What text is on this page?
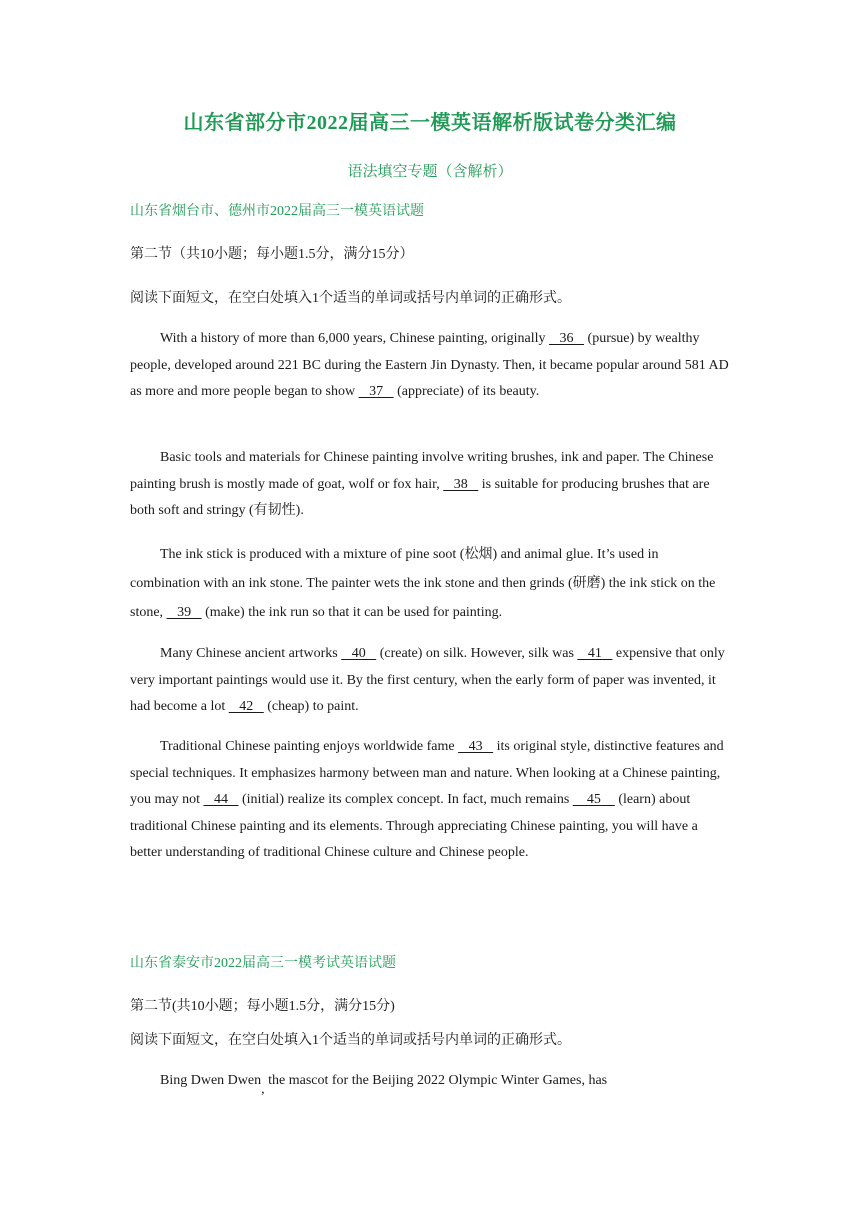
山东省部分市2022届高三一模英语解析版试卷分类汇编
语法填空专题（含解析）
山东省烟台市、德州市2022届高三一模英语试题
第二节（共10小题；每小题1.5分，满分15分）
阅读下面短文，在空白处填入1个适当的单词或括号内单词的正确形式。

With a history of more than 6,000 years, Chinese painting, originally    36    (pursue) by wealthy people, developed around 221 BC during the Eastern Jin Dynasty. Then, it became popular around 581 AD as more and more people began to show    37    (appreciate) of its beauty.

Basic tools and materials for Chinese painting involve writing brushes, ink and paper. The Chinese painting brush is mostly made of goat, wolf or fox hair,    38    is suitable for producing brushes that are both soft and stringy (有韧性).

The ink stick is produced with a mixture of pine soot (松烟) and animal glue. It’s used in combination with an ink stone. The painter wets the ink stone and then grinds (研磨) the ink stick on the stone,    39    (make) the ink run so that it can be used for painting.

Many Chinese ancient artworks    40    (create) on silk. However, silk was    41    expensive that only very important paintings would use it. By the first century, when the early form of paper was invented, it had become a lot    42    (cheap) to paint.

Traditional Chinese painting enjoys worldwide fame    43    its original style, distinctive features and special techniques. It emphasizes harmony between man and nature. When looking at a Chinese painting, you may not    44    (initial) realize its complex concept. In fact, much remains     45     (learn) about traditional Chinese painting and its elements. Through appreciating Chinese painting, you will have a better understanding of traditional Chinese culture and Chinese people.

山东省泰安市2022届高三一模考试英语试题
第二节(共10小题；每小题1.5分，满分15分)
阅读下面短文，在空白处填入1个适当的单词或括号内单词的正确形式。

Bing Dwen Dwen, the mascot for the Beijing 2022 Olympic Winter Games, has
